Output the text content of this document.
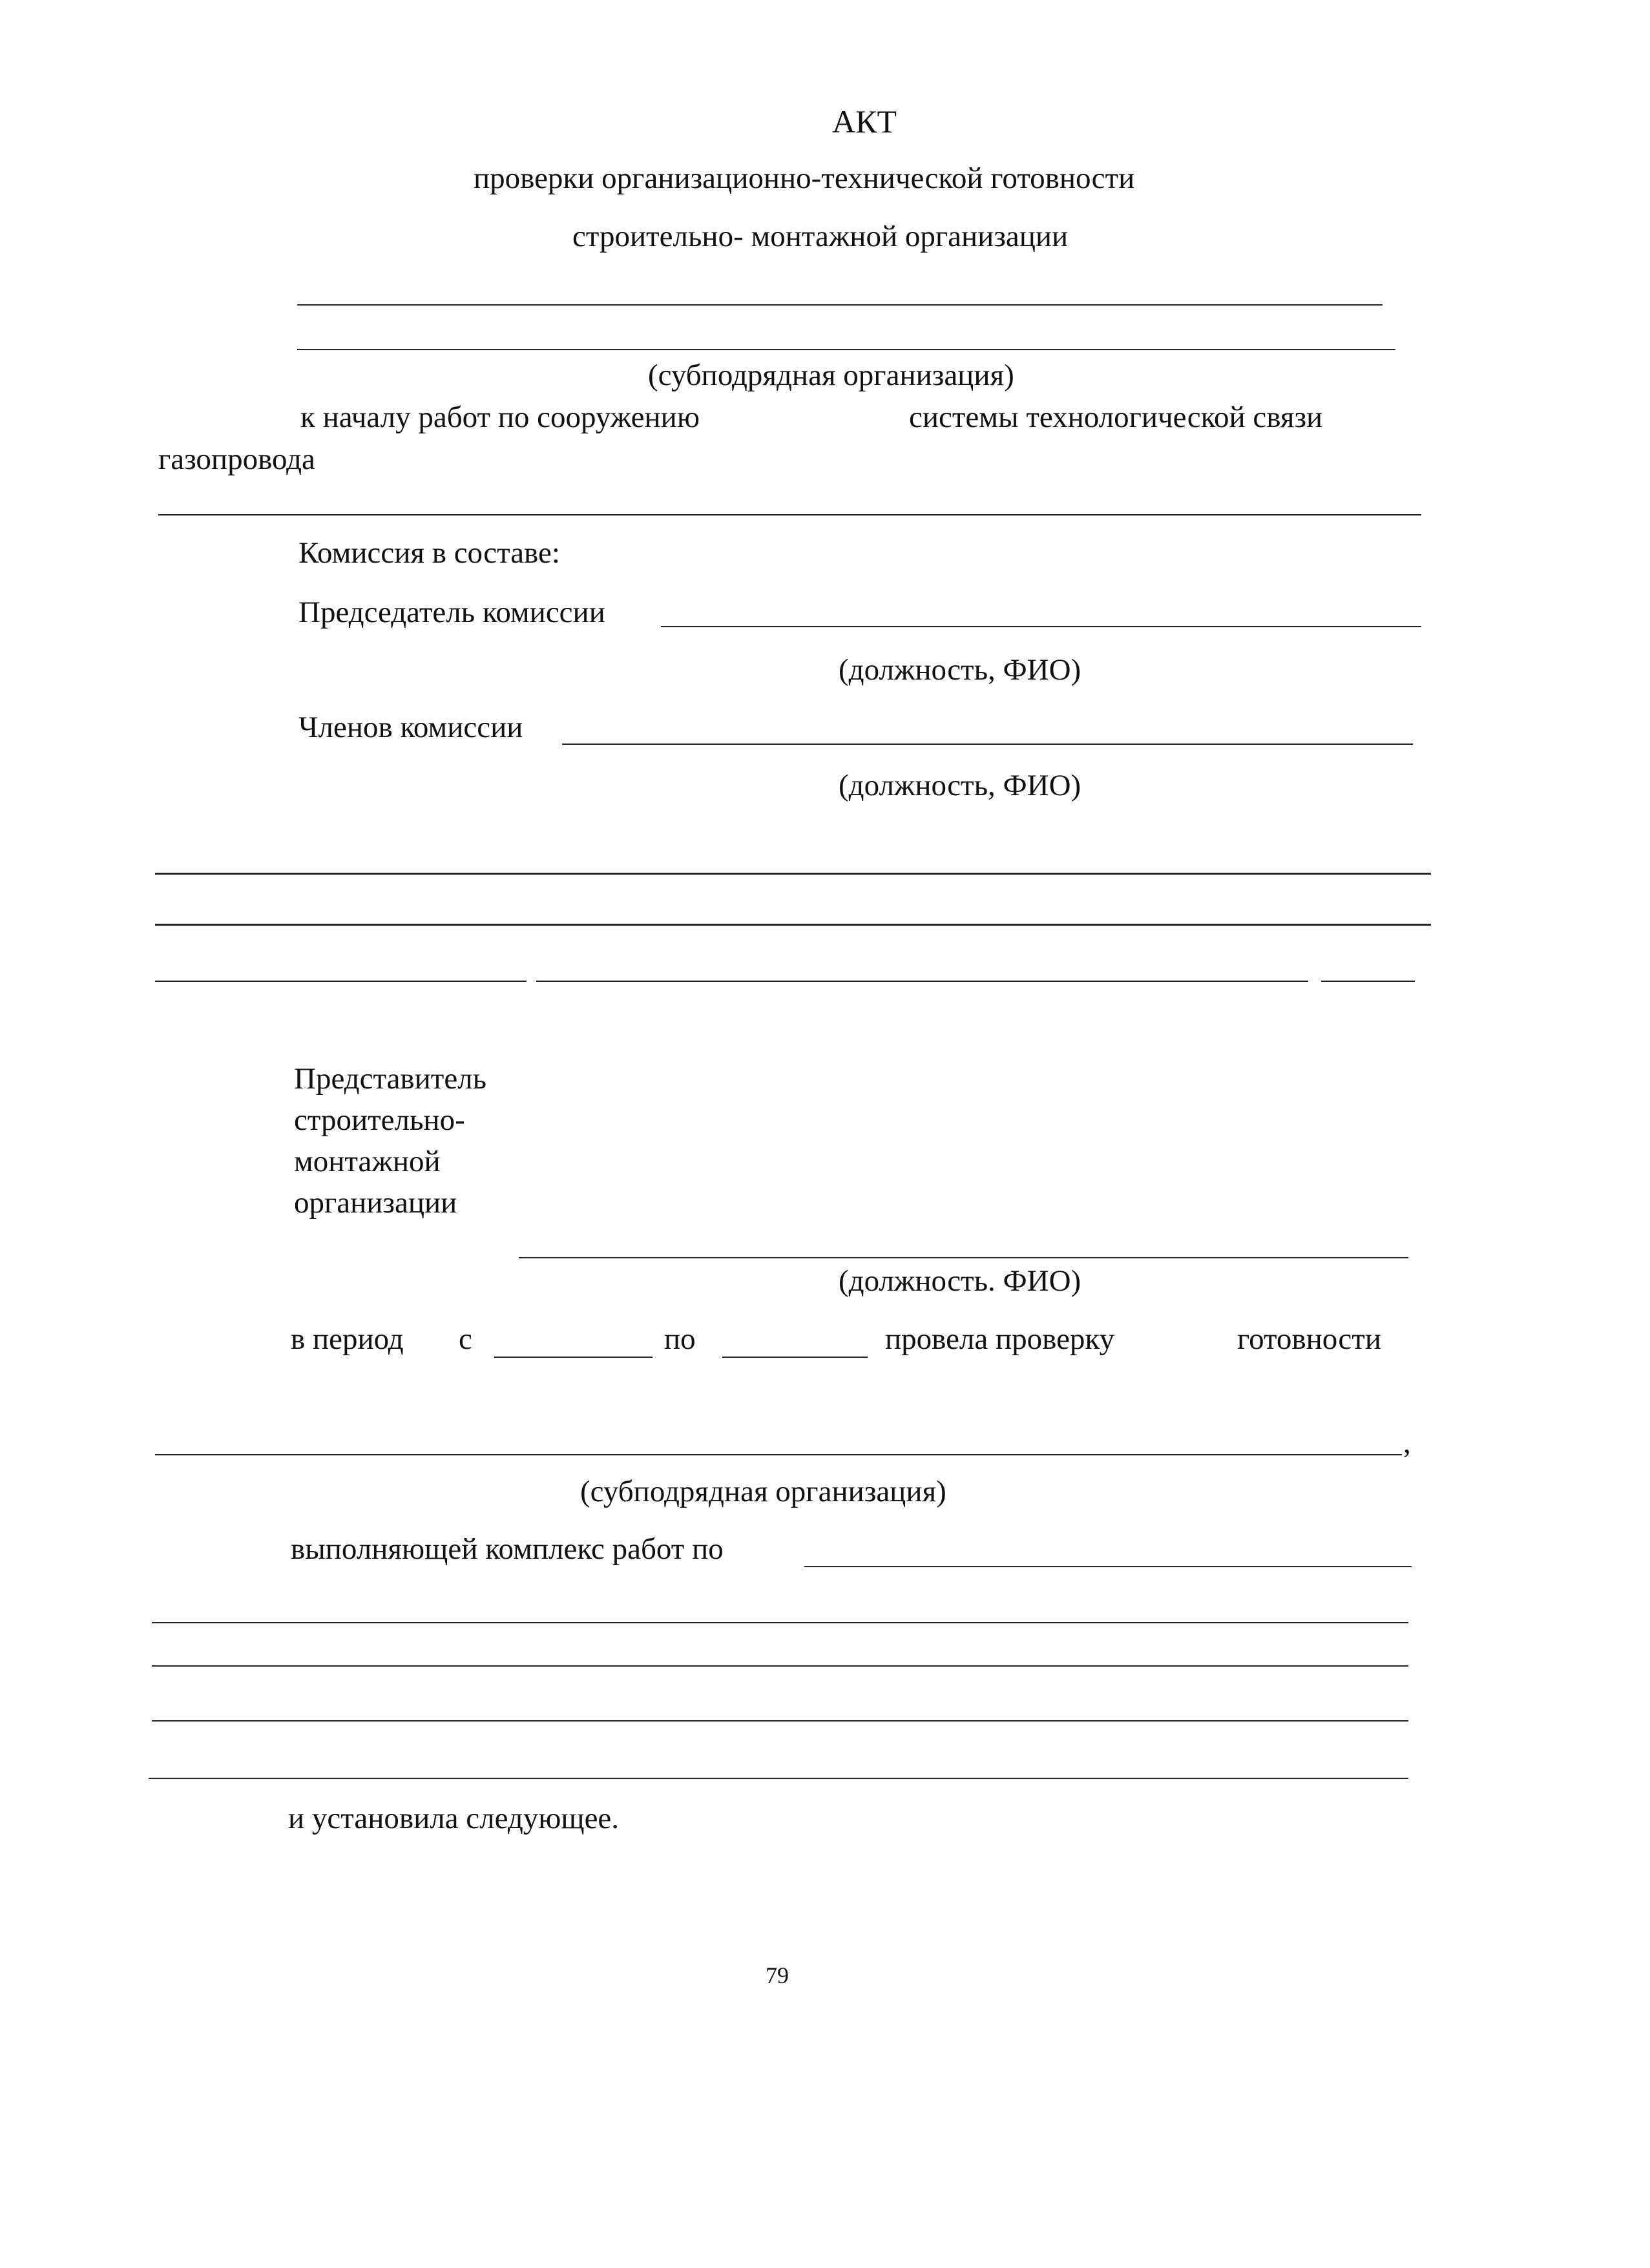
АКТ
проверки организационно-технической готовности
строительно- монтажной организации
(субподрядная организация)
к началу работ по сооружению	системы технологической связи
газопровода
Комиссия в составе:
Председатель комиссии
(должность, ФИО)
Членов комиссии
(должность, ФИО)
Представитель
строительно-
монтажной
организации
(должность. ФИО)
в период с	по	провела проверку	готовности
,
(субподрядная организация)
выполняющей комплекс работ по
и установила следующее.
79
